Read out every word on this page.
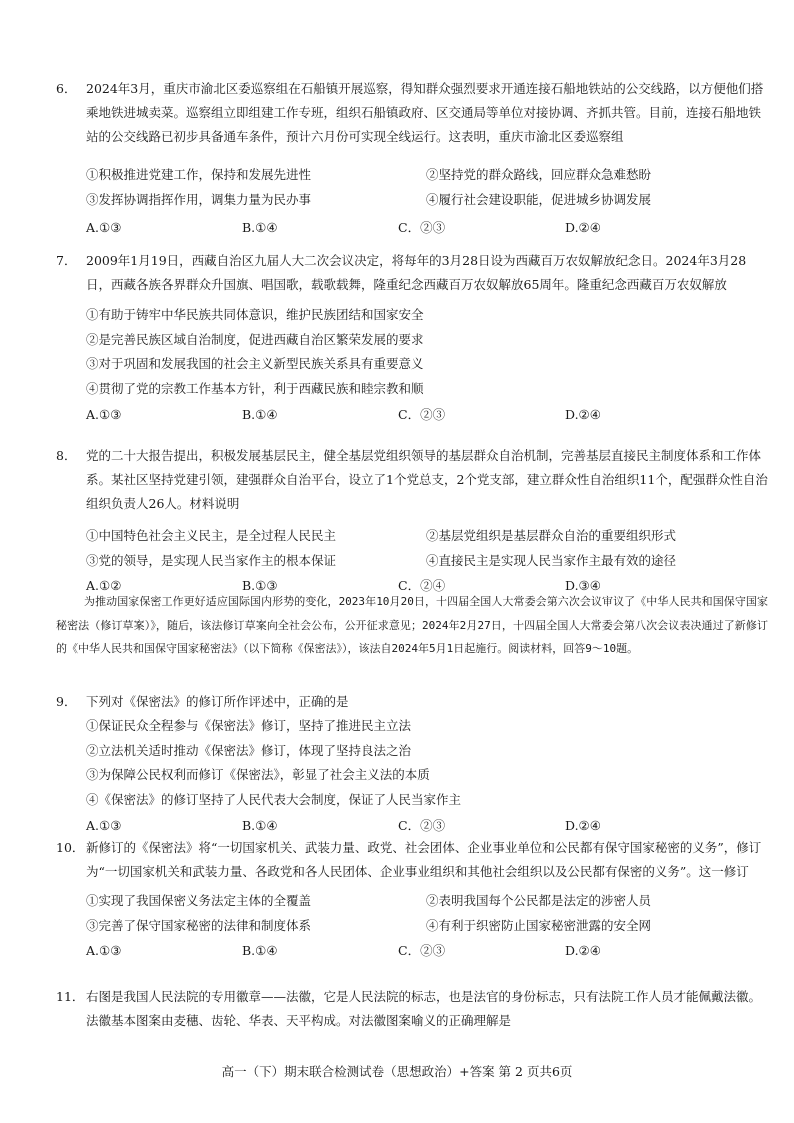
6． 2024年3月，重庆市渝北区委巡察组在石船镇开展巡察，得知群众强烈要求开通连接石船地铁站的公交线路，以方便他们搭乘地铁进城卖菜。巡察组立即组建工作专班，组织石船镇政府、区交通局等单位对接协调、齐抓共管。目前，连接石船地铁站的公交线路已初步具备通车条件，预计六月份可实现全线运行。这表明，重庆市渝北区委巡察组
①积极推进党建工作，保持和发展先进性	②坚持党的群众路线，回应群众急难愁盼
③发挥协调指挥作用，调集力量为民办事	④履行社会建设职能，促进城乡协调发展
A.①③	B.①④	C．②③	D.②④
7． 2009年1月19日，西藏自治区九届人大二次会议决定，将每年的3月28日设为西藏百万农奴解放纪念日。2024年3月28日，西藏各族各界群众升国旗、唱国歌，载歌载舞，隆重纪念西藏百万农奴解放65周年。隆重纪念西藏百万农奴解放
①有助于铸牢中华民族共同体意识，维护民族团结和国家安全
②是完善民族区域自治制度，促进西藏自治区繁荣发展的要求
③对于巩固和发展我国的社会主义新型民族关系具有重要意义
④贯彻了党的宗教工作基本方针，利于西藏民族和睦宗教和顺
A.①③	B.①④	C．②③	D.②④
8． 党的二十大报告提出，积极发展基层民主，健全基层党组织领导的基层群众自治机制，完善基层直接民主制度体系和工作体系。某社区坚持党建引领，建强群众自治平台，设立了1个党总支，2个党支部，建立群众性自治组织11个，配强群众性自治组织负责人26人。材料说明
①中国特色社会主义民主，是全过程人民民主	②基层党组织是基层群众自治的重要组织形式
③党的领导，是实现人民当家作主的根本保证	④直接民主是实现人民当家作主最有效的途径
A.①②	B.①③	C．②④	D.③④
为推动国家保密工作更好适应国际国内形势的变化，2023年10月20日，十四届全国人大常委会第六次会议审议了《中华人民共和国保守国家秘密法（修订草案）》，随后，该法修订草案向全社会公布，公开征求意见；2024年2月27日，十四届全国人大常委会第八次会议表决通过了新修订的《中华人民共和国保守国家秘密法》（以下简称《保密法》），该法自2024年5月1日起施行。阅读材料，回答9～10题。
9． 下列对《保密法》的修订所作评述中，正确的是
①保证民众全程参与《保密法》修订，坚持了推进民主立法
②立法机关适时推动《保密法》修订，体现了坚持良法之治
③为保障公民权利而修订《保密法》，彰显了社会主义法的本质
④《保密法》的修订坚持了人民代表大会制度，保证了人民当家作主
A.①③	B.①④	C．②③	D.②④
10． 新修订的《保密法》将“一切国家机关、武装力量、政党、社会团体、企业事业单位和公民都有保守国家秘密的义务”，修订为“一切国家机关和武装力量、各政党和各人民团体、企业事业组织和其他社会组织以及公民都有保密的义务”。这一修订
①实现了我国保密义务法定主体的全覆盖	②表明我国每个公民都是法定的涉密人员
③完善了保守国家秘密的法律和制度体系	④有利于织密防止国家秘密泄露的安全网
A.①③	B.①④	C．②③	D.②④
11． 右图是我国人民法院的专用徽章——法徽，它是人民法院的标志，也是法官的身份标志，只有法院工作人员才能佩戴法徽。法徽基本图案由麦穗、齿轮、华表、天平构成。对法徽图案喻义的正确理解是
高一（下）期末联合检测试卷（思想政治）+答案 第 2 页共6页
